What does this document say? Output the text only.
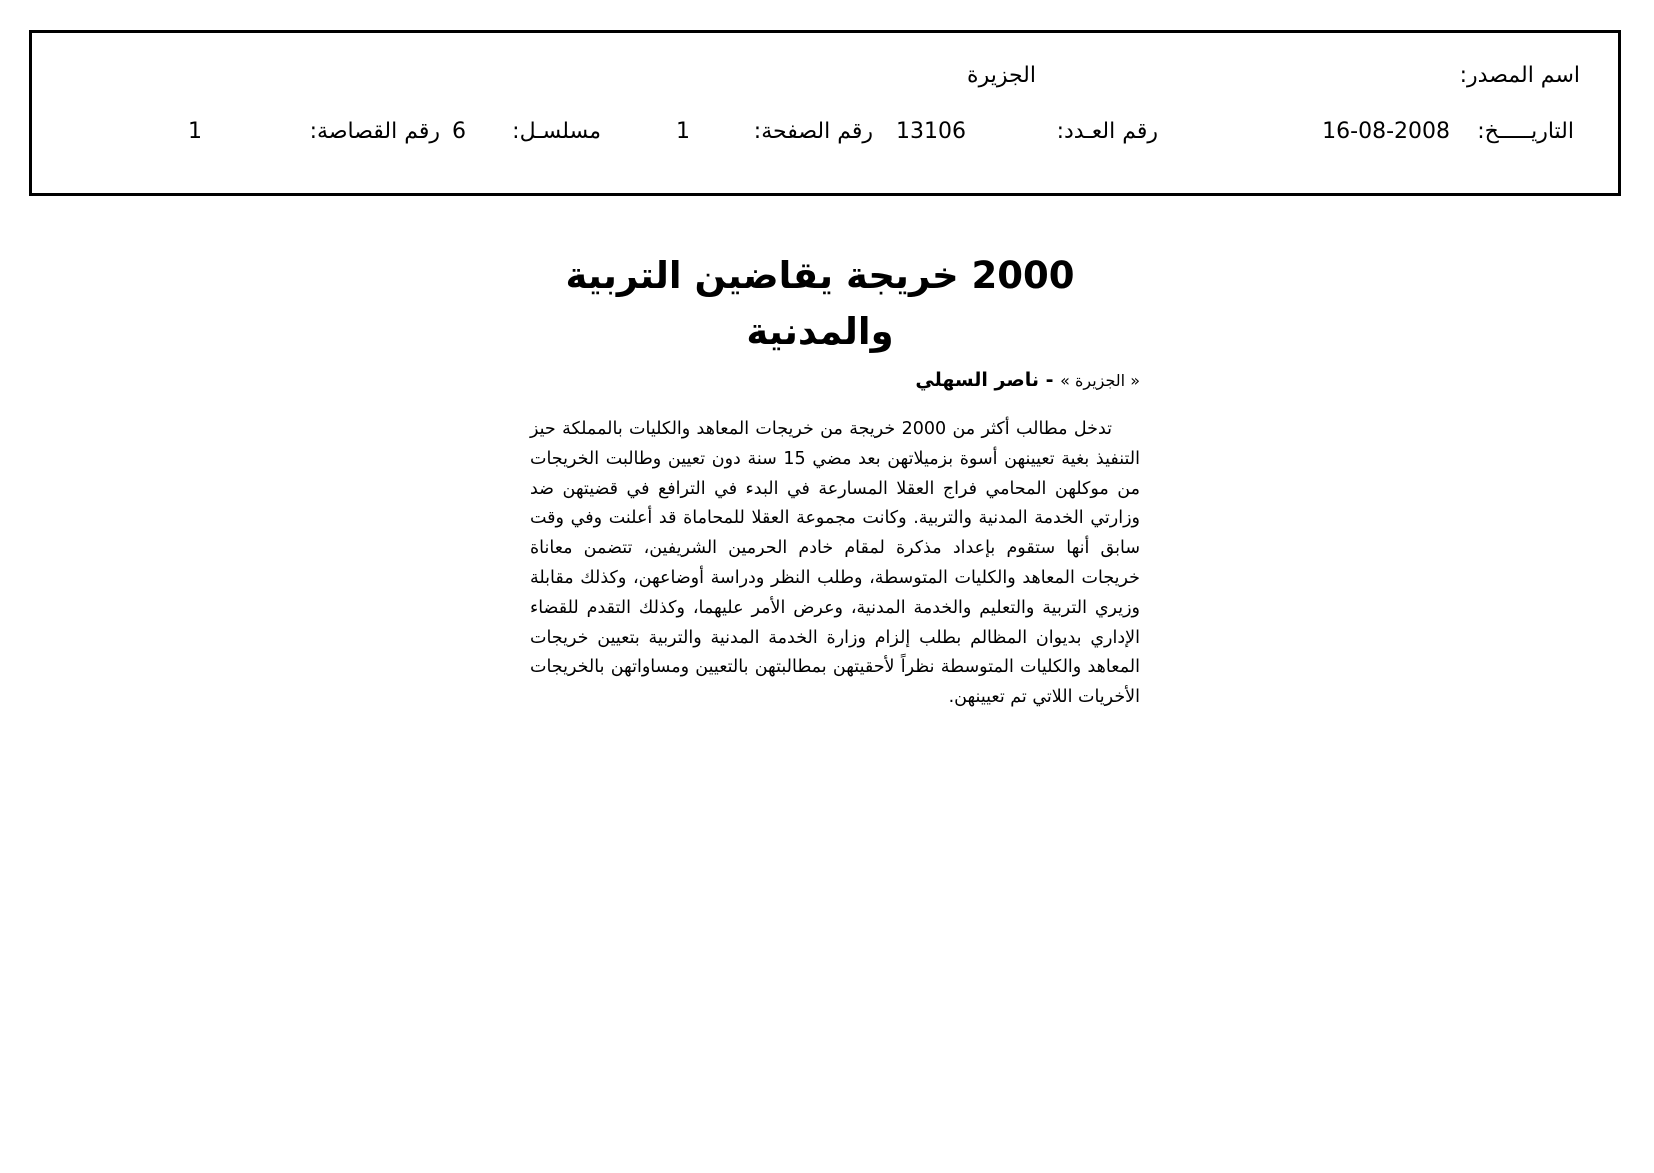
اسم المصدر:
الجزيرة
التاريـــــخ:
16-08-2008
رقم العـدد:
13106
رقم الصفحة:
1
مسلسـل:
6
رقم القصاصة:
1
2000 خريجة يقاضين التربية والمدنية

« الجزيرة » - ناصر السهلي

تدخل مطالب أكثر من 2000 خريجة من خريجات المعاهد والكليات بالمملكة حيز التنفيذ بغية تعيينهن أسوة بزميلاتهن بعد مضي 15 سنة دون تعيين وطالبت الخريجات من موكلهن المحامي فراج العقلا المسارعة في البدء في الترافع في قضيتهن ضد وزارتي الخدمة المدنية والتربية. وكانت مجموعة العقلا للمحاماة قد أعلنت وفي وقت سابق أنها ستقوم بإعداد مذكرة لمقام خادم الحرمين الشريفين، تتضمن معاناة خريجات المعاهد والكليات المتوسطة، وطلب النظر ودراسة أوضاعهن، وكذلك مقابلة وزيري التربية والتعليم والخدمة المدنية، وعرض الأمر عليهما، وكذلك التقدم للقضاء الإداري بديوان المظالم بطلب إلزام وزارة الخدمة المدنية والتربية بتعيين خريجات المعاهد والكليات المتوسطة نظراً لأحقيتهن بمطالبتهن بالتعيين ومساواتهن بالخريجات الأخريات اللاتي تم تعيينهن.
